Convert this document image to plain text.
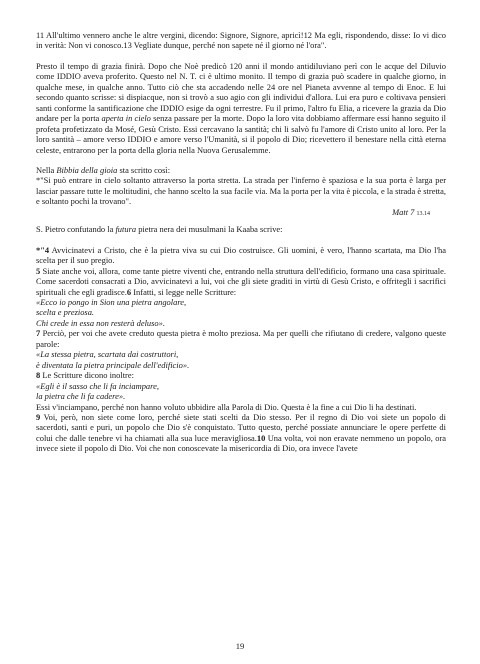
11 All'ultimo vennero anche le altre vergini, dicendo: Signore, Signore, apricì!12 Ma egli, rispondendo, disse: Io vi dico in verità: Non vi conosco.13 Vegliate dunque, perché non sapete né il giorno né l'ora".

Presto il tempo di grazia finirà. Dopo che Noè predicò 120 anni il mondo antidiluviano perì con le acque del Diluvio come IDDIO aveva proferito. Questo nel N. T. ci è ultimo monito. Il tempo di grazia può scadere in qualche giorno, in qualche mese, in qualche anno. Tutto ciò che sta accadendo nelle 24 ore nel Pianeta avvenne al tempo di Enoc. E lui secondo quanto scrisse: si dispiacque, non si trovò a suo agio con gli individui d'allora. Lui era puro e coltivava pensieri santi conforme la santificazione che IDDIO esige da ogni terrestre. Fu il primo, l'altro fu Elia, a ricevere la grazia da Dio andare per la porta aperta in cielo senza passare per la morte. Dopo la loro vita dobbiamo affermare essi hanno seguito il profeta profetizzato da Mosé, Gesù Cristo. Essi cercavano la santità; chi li salvò fu l'amore di Cristo unito al loro. Per la loro santità – amore verso IDDIO e amore verso l'Umanità, si il popolo di Dio; ricevettero il benestare nella città eterna celeste, entrarono per la porta della gloria nella Nuova Gerusalemme.

Nella Bibbia della gioia sta scritto così:

*"Si può entrare in cielo soltanto attraverso la porta stretta. La strada per l'inferno è spaziosa e la sua porta è larga per lasciar passare tutte le moltitudini, che hanno scelto la sua facile via. Ma la porta per la vita è piccola, e la strada è stretta, e soltanto pochi la trovano".

Matt 7 13.14

S. Pietro confutando la futura pietra nera dei musulmani la Kaaba scrive:

*"4 Avvicinatevi a Cristo, che è la pietra viva su cui Dio costruisce. Gli uomini, è vero, l'hanno scartata, ma Dio l'ha scelta per il suo pregio.

5 Siate anche voi, allora, come tante pietre viventi che, entrando nella struttura dell'edificio, formano una casa spirituale. Come sacerdoti consacrati a Dio, avvicinatevi a lui, voi che gli siete graditi in virtù di Gesù Cristo, e offritegli i sacrifici spirituali che egli gradisce.6 Infatti, si legge nelle Scritture:

«Ecco io pongo in Sion una pietra angolare,

scelta e preziosa.

Chi crede in essa non resterà deluso».

7 Perciò, per voi che avete creduto questa pietra è molto preziosa. Ma per quelli che rifiutano di credere, valgono queste parole:

«La stessa pietra, scartata dai costruttori,

è diventata la pietra principale dell'edificio».

8 Le Scritture dicono inoltre:

«Egli è il sasso che li fa inciampare,

la pietra che li fa cadere».

Essi v'inciampano, perché non hanno voluto ubbidire alla Parola di Dio. Questa è la fine a cui Dio li ha destinati.

9 Voi, però, non siete come loro, perché siete stati scelti da Dio stesso. Per il regno di Dio voi siete un popolo di sacerdoti, santi e puri, un popolo che Dio s'è conquistato. Tutto questo, perché possiate annunciare le opere perfette di colui che dalle tenebre vi ha chiamati alla sua luce meravigliosa.10 Una volta, voi non eravate nemmeno un popolo, ora invece siete il popolo di Dio. Voi che non conoscevate la misericordia di Dio, ora invece l'avete

19
